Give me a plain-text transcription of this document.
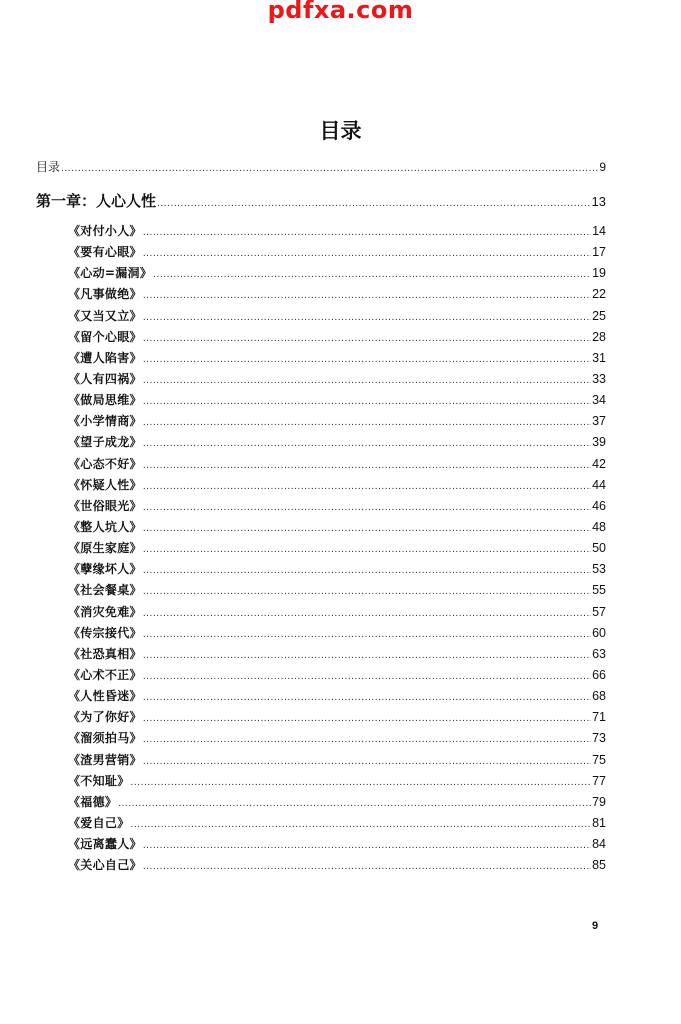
pdfxa.com
目录
目录 .....	9
第一章：人心人性 .....	13
《对付小人》 .....	14
《要有心眼》 .....	17
《心动=漏洞》 .....	19
《凡事做绝》 .....	22
《又当又立》 .....	25
《留个心眼》 .....	28
《遭人陷害》 .....	31
《人有四祸》 .....	33
《做局思维》 .....	34
《小学情商》 .....	37
《望子成龙》 .....	39
《心态不好》 .....	42
《怀疑人性》 .....	44
《世俗眼光》 .....	46
《整人坑人》 .....	48
《原生家庭》 .....	50
《孽缘坏人》 .....	53
《社会餐桌》 .....	55
《消灾免难》 .....	57
《传宗接代》 .....	60
《社恐真相》 .....	63
《心术不正》 .....	66
《人性昏迷》 .....	68
《为了你好》 .....	71
《溜须拍马》 .....	73
《渣男营销》 .....	75
《不知耻》 .....	77
《福德》 .....	79
《爱自己》 .....	81
《远离蠢人》 .....	84
《关心自己》 .....	85
9
